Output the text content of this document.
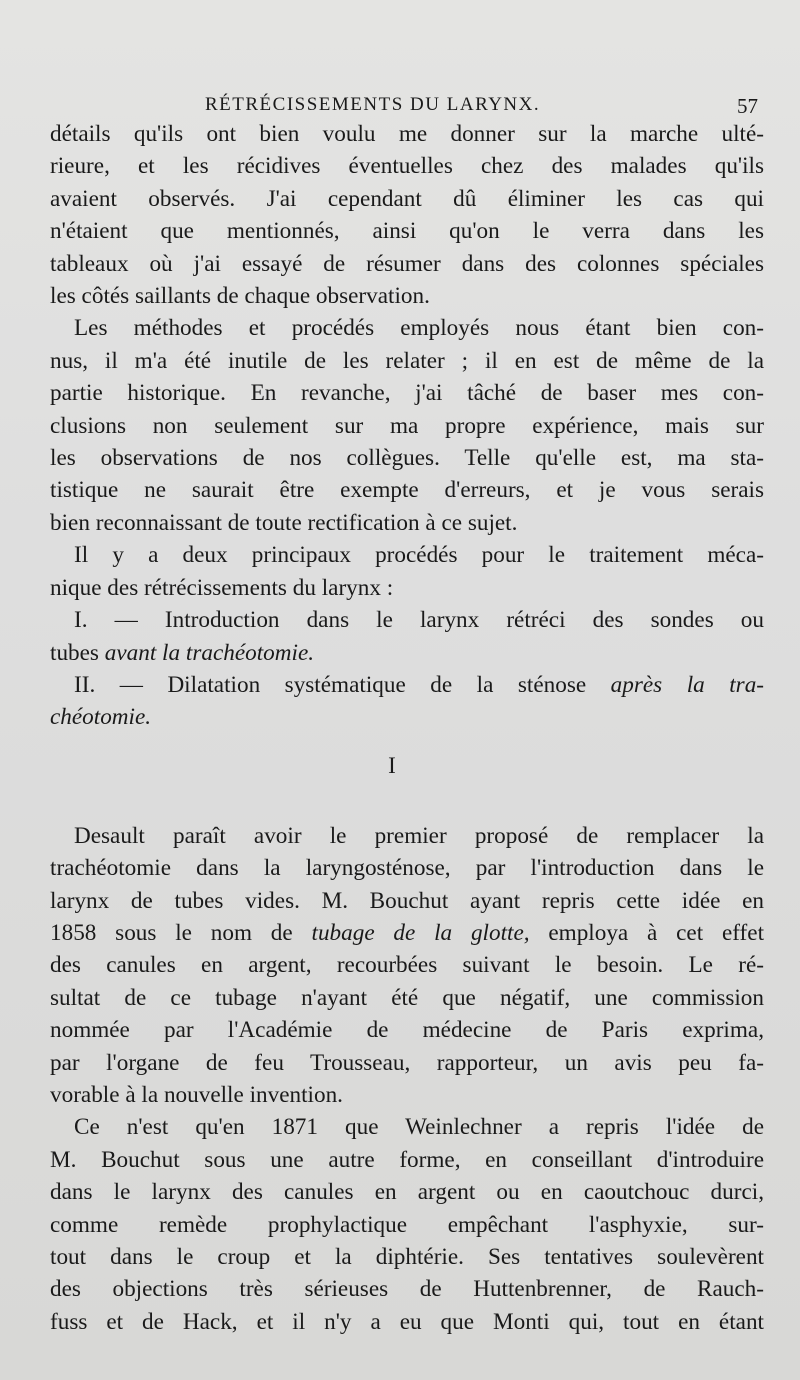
RÉTRÉCISSEMENTS DU LARYNX.	57
détails qu'ils ont bien voulu me donner sur la marche ulté-
rieure, et les récidives éventuelles chez des malades qu'ils
avaient observés. J'ai cependant dû éliminer les cas qui
n'étaient que mentionnés, ainsi qu'on le verra dans les
tableaux où j'ai essayé de résumer dans des colonnes spéciales
les côtés saillants de chaque observation.
Les méthodes et procédés employés nous étant bien con-
nus, il m'a été inutile de les relater ; il en est de même de la
partie historique. En revanche, j'ai tâché de baser mes con-
clusions non seulement sur ma propre expérience, mais sur
les observations de nos collègues. Telle qu'elle est, ma sta-
tistique ne saurait être exempte d'erreurs, et je vous serais
bien reconnaissant de toute rectification à ce sujet.
Il y a deux principaux procédés pour le traitement méca-
nique des rétrécissements du larynx :
I. — Introduction dans le larynx rétréci des sondes ou
tubes avant la trachéotomie.
II. — Dilatation systématique de la sténose après la tra-
chéotomie.
I
Desault paraît avoir le premier proposé de remplacer la
trachéotomie dans la laryngosténose, par l'introduction dans le
larynx de tubes vides. M. Bouchut ayant repris cette idée en
1858 sous le nom de tubage de la glotte, employa à cet effet
des canules en argent, recourbées suivant le besoin. Le ré-
sultat de ce tubage n'ayant été que négatif, une commission
nommée par l'Académie de médecine de Paris exprima,
par l'organe de feu Trousseau, rapporteur, un avis peu fa-
vorable à la nouvelle invention.
Ce n'est qu'en 1871 que Weinlechner a repris l'idée de
M. Bouchut sous une autre forme, en conseillant d'introduire
dans le larynx des canules en argent ou en caoutchouc durci,
comme remède prophylactique empêchant l'asphyxie, sur-
tout dans le croup et la diphtérie. Ses tentatives soulevèrent
des objections très sérieuses de Huttenbrenner, de Rauch-
fuss et de Hack, et il n'y a eu que Monti qui, tout en étant
